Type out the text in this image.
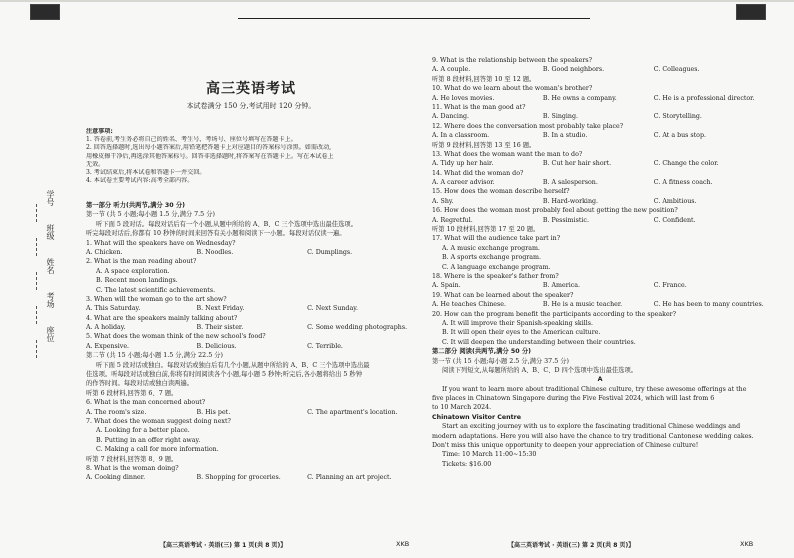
学号
班级
姓名
考场
座位
高三英语考试
本试卷满分 150 分,考试用时 120 分钟。
注意事项:
1. 答卷前,考生务必将自己的姓名、考生号、考场号、座位号填写在答题卡上。
2. 回答选择题时,选出每小题答案后,用铅笔把答题卡上对应题目的答案标号涂黑。如需改动,
用橡皮擦干净后,再选涂其他答案标号。回答非选择题时,将答案写在答题卡上。写在本试卷上
无效。
3. 考试结束后,将本试卷和答题卡一并交回。
4. 本试卷主要考试内容:高考全部内容。
第一部分 听力(共两节,满分 30 分)
第一节 (共 5 小题;每小题 1.5 分,满分 7.5 分)
听下面 5 段对话。每段对话后有一个小题,从题中所给的 A、B、C 三个选项中选出最佳选项。
听完每段对话后,你都有 10 秒钟的时间来回答有关小题和阅读下一小题。每段对话仅读一遍。
1. What will the speakers have on Wednesday?
A. Chicken.	B. Noodles.	C. Dumplings.
2. What is the man reading about?
A. A space exploration.
B. Recent moon landings.
C. The latest scientific achievements.
3. When will the woman go to the art show?
A. This Saturday.	B. Next Friday.	C. Next Sunday.
4. What are the speakers mainly talking about?
A. A holiday.	B. Their sister.	C. Some wedding photographs.
5. What does the woman think of the new school's food?
A. Expensive.	B. Delicious.	C. Terrible.
第二节 (共 15 小题;每小题 1.5 分,满分 22.5 分)
听下面 5 段对话或独白。每段对话或独白后有几个小题,从题中所给的 A、B、C 三个选项中选出最
佳选项。听每段对话或独白前,你将有时间阅读各个小题,每小题 5 秒钟;听完后,各小题将给出 5 秒钟
的作答时间。每段对话或独白读两遍。
听第 6 段材料,回答第 6、7 题。
6. What is the man concerned about?
A. The room's size.	B. His pet.	C. The apartment's location.
7. What does the woman suggest doing next?
A. Looking for a better place.
B. Putting in an offer right away.
C. Making a call for more information.
听第 7 段材料,回答第 8、9 题。
8. What is the woman doing?
A. Cooking dinner.	B. Shopping for groceries.	C. Planning an art project.
9. What is the relationship between the speakers?
A. A couple.	B. Good neighbors.	C. Colleagues.
听第 8 段材料,回答第 10 至 12 题。
10. What do we learn about the woman's brother?
A. He loves movies.	B. He owns a company.	C. He is a professional director.
11. What is the man good at?
A. Dancing.	B. Singing.	C. Storytelling.
12. Where does the conversation most probably take place?
A. In a classroom.	B. In a studio.	C. At a bus stop.
听第 9 段材料,回答第 13 至 16 题。
13. What does the woman want the man to do?
A. Tidy up her hair.	B. Cut her hair short.	C. Change the color.
14. What did the woman do?
A. A career advisor.	B. A salesperson.	C. A fitness coach.
15. How does the woman describe herself?
A. Shy.	B. Hard-working.	C. Ambitious.
16. How does the woman most probably feel about getting the new position?
A. Regretful.	B. Pessimistic.	C. Confident.
听第 10 段材料,回答第 17 至 20 题。
17. What will the audience take part in?
A. A music exchange program.
B. A sports exchange program.
C. A language exchange program.
18. Where is the speaker's father from?
A. Spain.	B. America.	C. France.
19. What can be learned about the speaker?
A. He teaches Chinese.	B. He is a music teacher.	C. He has been to many countries.
20. How can the program benefit the participants according to the speaker?
A. It will improve their Spanish-speaking skills.
B. It will open their eyes to the American culture.
C. It will deepen the understanding between their countries.
第二部分 阅读(共两节,满分 50 分)
第一节 (共 15 小题;每小题 2.5 分,满分 37.5 分)
阅读下列短文,从每题所给的 A、B、C、D 四个选项中选出最佳选项。
A
If you want to learn more about traditional Chinese culture, try these awesome offerings at the
five places in Chinatown Singapore during the Five Festival 2024, which will last from 6
to 10 March 2024.
Chinatown Visitor Centre
Start an exciting journey with us to explore the fascinating traditional Chinese weddings and
modern adaptations. Here you will also have the chance to try traditional Cantonese wedding cakes.
Don't miss this unique opportunity to deepen your appreciation of Chinese culture!
Time: 10 March 11:00~15:30
Tickets: $16.00
【高三英语考试 · 英语(三) 第 1 页(共 8 页)】	XKB	【高三英语考试 · 英语(三) 第 2 页(共 8 页)】	XKB
